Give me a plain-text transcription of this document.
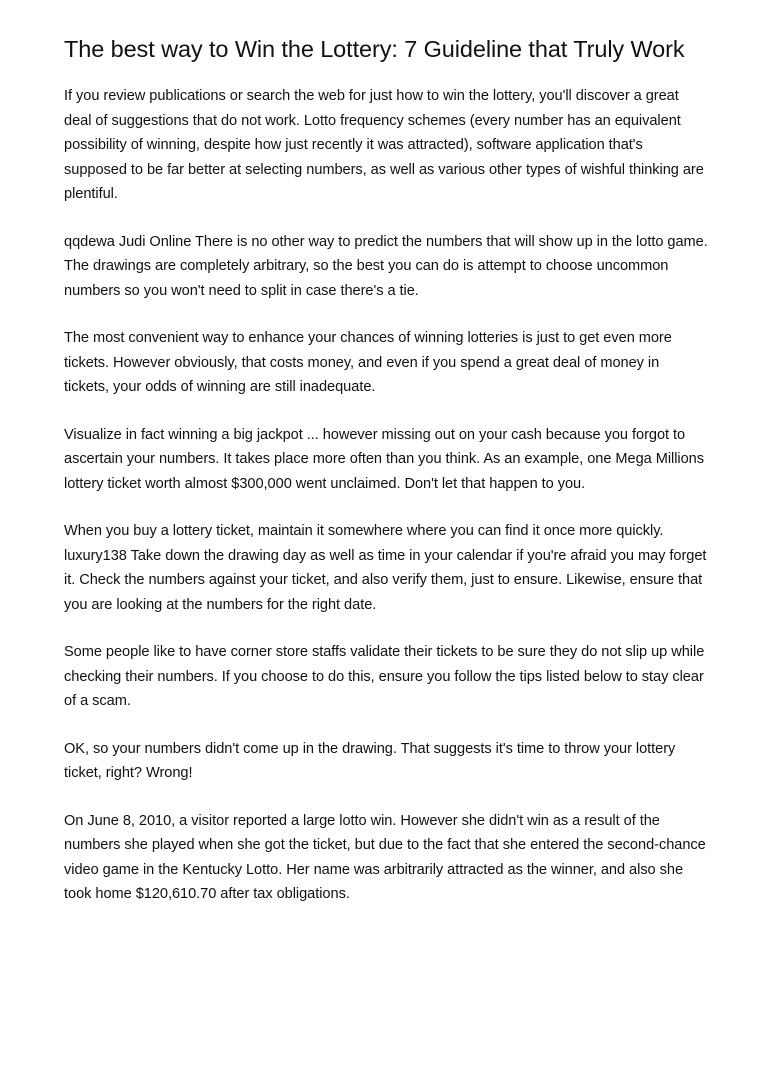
The best way to Win the Lottery: 7 Guideline that Truly Work

If you review publications or search the web for just how to win the lottery, you'll discover a great deal of suggestions that do not work. Lotto frequency schemes (every number has an equivalent possibility of winning, despite how just recently it was attracted), software application that's supposed to be far better at selecting numbers, as well as various other types of wishful thinking are plentiful.

qqdewa Judi Online There is no other way to predict the numbers that will show up in the lotto game. The drawings are completely arbitrary, so the best you can do is attempt to choose uncommon numbers so you won't need to split in case there's a tie.

The most convenient way to enhance your chances of winning lotteries is just to get even more tickets. However obviously, that costs money, and even if you spend a great deal of money in tickets, your odds of winning are still inadequate.

Visualize in fact winning a big jackpot ... however missing out on your cash because you forgot to ascertain your numbers. It takes place more often than you think. As an example, one Mega Millions lottery ticket worth almost $300,000 went unclaimed. Don't let that happen to you.

When you buy a lottery ticket, maintain it somewhere where you can find it once more quickly. luxury138 Take down the drawing day as well as time in your calendar if you're afraid you may forget it. Check the numbers against your ticket, and also verify them, just to ensure. Likewise, ensure that you are looking at the numbers for the right date.

Some people like to have corner store staffs validate their tickets to be sure they do not slip up while checking their numbers. If you choose to do this, ensure you follow the tips listed below to stay clear of a scam.

OK, so your numbers didn't come up in the drawing. That suggests it's time to throw your lottery ticket, right? Wrong!

On June 8, 2010, a visitor reported a large lotto win. However she didn't win as a result of the numbers she played when she got the ticket, but due to the fact that she entered the second-chance video game in the Kentucky Lotto. Her name was arbitrarily attracted as the winner, and also she took home $120,610.70 after tax obligations.
